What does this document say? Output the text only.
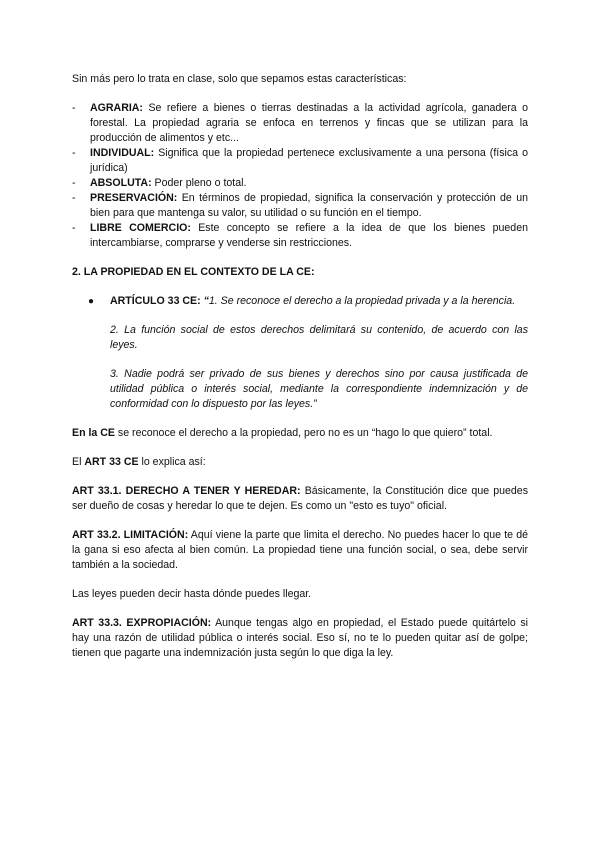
Sin más pero lo trata en clase, solo que sepamos estas características:

- AGRARIA: Se refiere a bienes o tierras destinadas a la actividad agrícola, ganadera o forestal. La propiedad agraria se enfoca en terrenos y fincas que se utilizan para la producción de alimentos y etc...
- INDIVIDUAL: Significa que la propiedad pertenece exclusivamente a una persona (física o jurídica)
- ABSOLUTA: Poder pleno o total.
- PRESERVACIÓN: En términos de propiedad, significa la conservación y protección de un bien para que mantenga su valor, su utilidad o su función en el tiempo.
- LIBRE COMERCIO: Este concepto se refiere a la idea de que los bienes pueden intercambiarse, comprarse y venderse sin restricciones.

2. LA PROPIEDAD EN EL CONTEXTO DE LA CE:

● ARTÍCULO 33 CE: “1. Se reconoce el derecho a la propiedad privada y a la herencia.

2. La función social de estos derechos delimitará su contenido, de acuerdo con las leyes.

3. Nadie podrá ser privado de sus bienes y derechos sino por causa justificada de utilidad pública o interés social, mediante la correspondiente indemnización y de conformidad con lo dispuesto por las leyes.”

En la CE se reconoce el derecho a la propiedad, pero no es un “hago lo que quiero” total.

El ART 33 CE lo explica así:

ART 33.1. DERECHO A TENER Y HEREDAR: Básicamente, la Constitución dice que puedes ser dueño de cosas y heredar lo que te dejen. Es como un "esto es tuyo" oficial.

ART 33.2. LIMITACIÓN: Aquí viene la parte que limita el derecho. No puedes hacer lo que te dé la gana si eso afecta al bien común. La propiedad tiene una función social, o sea, debe servir también a la sociedad.

Las leyes pueden decir hasta dónde puedes llegar.

ART 33.3. EXPROPIACIÓN: Aunque tengas algo en propiedad, el Estado puede quitártelo si hay una razón de utilidad pública o interés social. Eso sí, no te lo pueden quitar así de golpe; tienen que pagarte una indemnización justa según lo que diga la ley.
